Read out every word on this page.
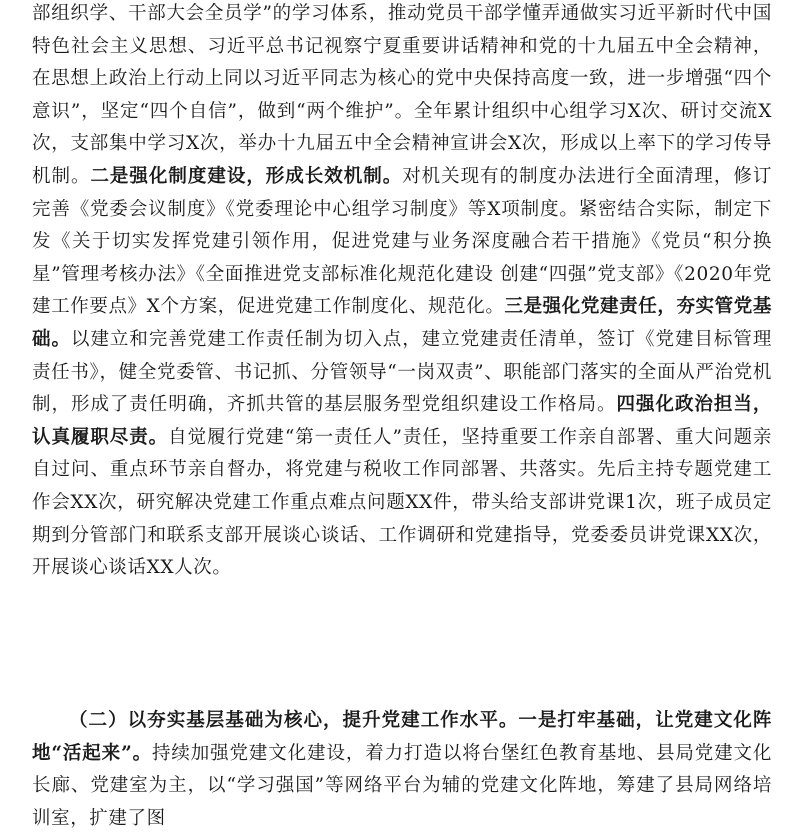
部组织学、干部大会全员学”的学习体系，推动党员干部学懂弄通做实习近平新时代中国特色社会主义思想、习近平总书记视察宁夏重要讲话精神和党的十九届五中全会精神，在思想上政治上行动上同以习近平同志为核心的党中央保持高度一致，进一步增强“四个意识”，坚定“四个自信”，做到“两个维护”。全年累计组织中心组学习X次、研讨交流X次，支部集中学习X次，举办十九届五中全会精神宣讲会X次，形成以上率下的学习传导机制。二是强化制度建设，形成长效机制。对机关现有的制度办法进行全面清理，修订完善《党委会议制度》《党委理论中心组学习制度》等X项制度。紧密结合实际，制定下发《关于切实发挥党建引领作用，促进党建与业务深度融合若干措施》《党员“积分换星”管理考核办法》《全面推进党支部标准化规范化建设 创建“四强”党支部》《2020年党建工作要点》X个方案，促进党建工作制度化、规范化。三是强化党建责任，夯实管党基础。以建立和完善党建工作责任制为切入点，建立党建责任清单，签订《党建目标管理责任书》，健全党委管、书记抓、分管领导“一岗双责”、职能部门落实的全面从严治党机制，形成了责任明确，齐抓共管的基层服务型党组织建设工作格局。四强化政治担当，认真履职尽责。自觉履行党建“第一责任人”责任，坚持重要工作亲自部署、重大问题亲自过问、重点环节亲自督办，将党建与税收工作同部署、共落实。先后主持专题党建工作会XX次，研究解决党建工作重点难点问题XX件，带头给支部讲党课1次，班子成员定期到分管部门和联系支部开展谈心谈话、工作调研和党建指导，党委委员讲党课XX次，开展谈心谈话XX人次。

（二）以夯实基层基础为核心，提升党建工作水平。一是打牢基础，让党建文化阵地“活起来”。持续加强党建文化建设，着力打造以将台堡红色教育基地、县局党建文化长廊、党建室为主，以“学习强国”等网络平台为辅的党建文化阵地，筹建了县局网络培训室，扩建了图
